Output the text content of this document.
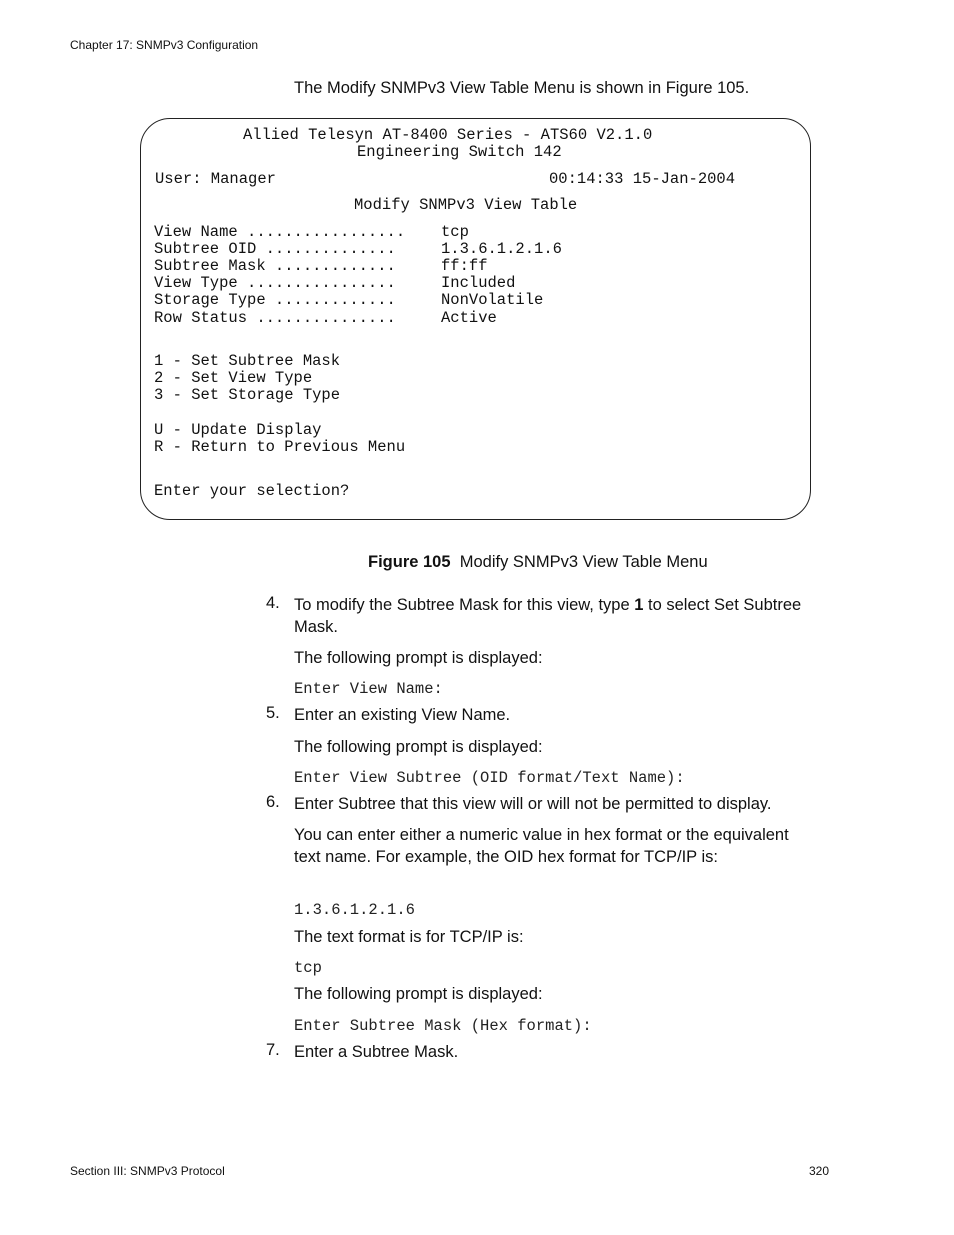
Chapter 17: SNMPv3 Configuration
The Modify SNMPv3 View Table Menu is shown in Figure 105.
Allied Telesyn AT-8400 Series - ATS60 V2.1.0
Engineering Switch 142
User: Manager	00:14:33 15-Jan-2004
Modify SNMPv3 View Table
View Name ................. tcp
Subtree OID ..............	1.3.6.1.2.1.6
Subtree Mask .............	ff:ff
View Type ................	Included
Storage Type .............	NonVolatile
Row Status ...............	Active
1 - Set Subtree Mask
2 - Set View Type
3 - Set Storage Type
U - Update Display
R - Return to Previous Menu
Enter your selection?
Figure 105 Modify SNMPv3 View Table Menu
4. To modify the Subtree Mask for this view, type 1 to select Set Subtree Mask.
The following prompt is displayed:
Enter View Name:
5. Enter an existing View Name.
The following prompt is displayed:
Enter View Subtree (OID format/Text Name):
6. Enter Subtree that this view will or will not be permitted to display.
You can enter either a numeric value in hex format or the equivalent text name. For example, the OID hex format for TCP/IP is:
1.3.6.1.2.1.6
The text format is for TCP/IP is:
tcp
The following prompt is displayed:
Enter Subtree Mask (Hex format):
7. Enter a Subtree Mask.
Section III: SNMPv3 Protocol	320
